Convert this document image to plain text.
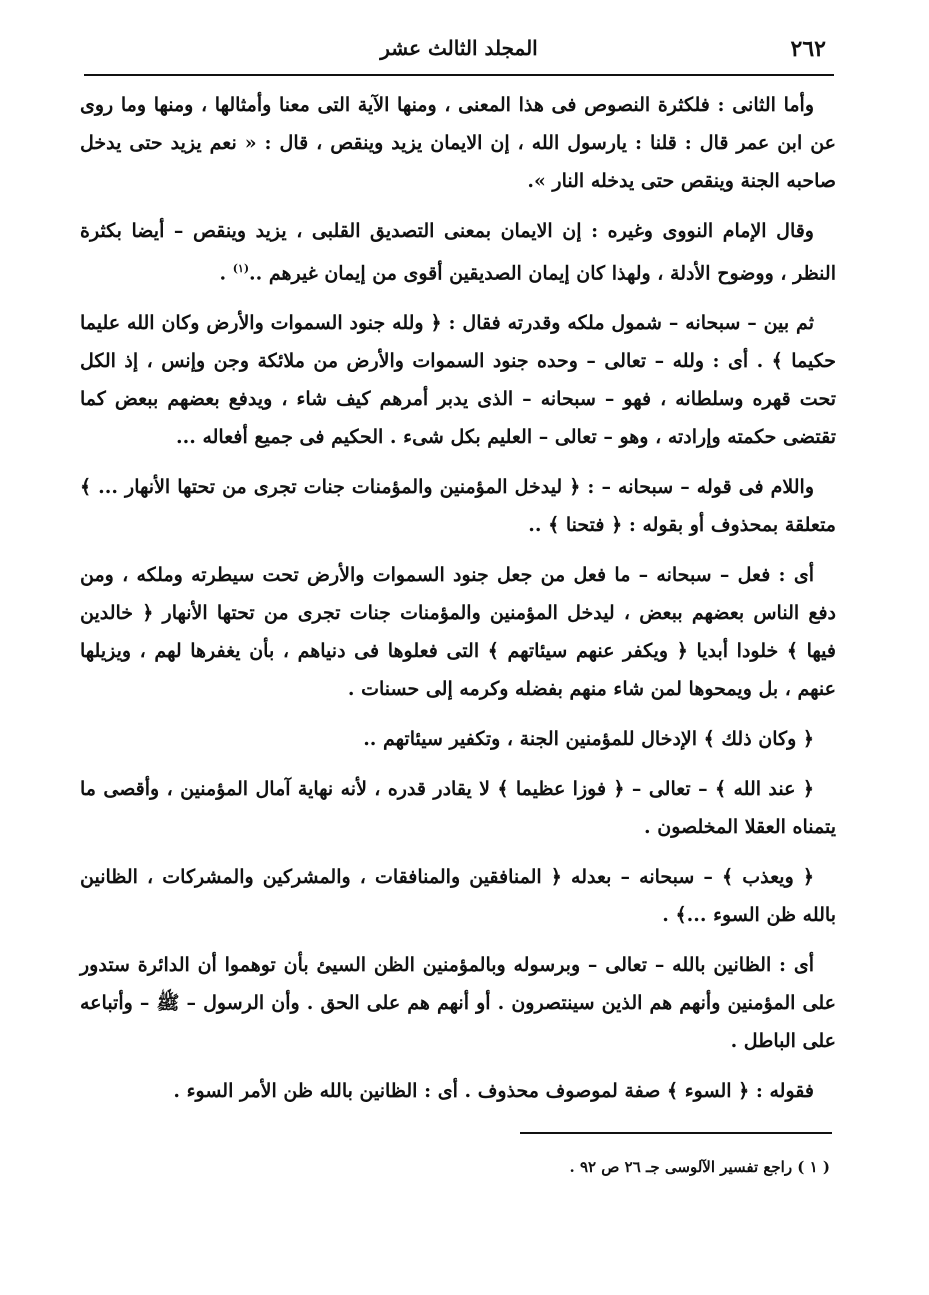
٢٦٢
المجلد الثالث عشر

وأما الثانى : فلكثرة النصوص فى هذا المعنى ، ومنها الآية التى معنا وأمثالها ، ومنها وما روى عن ابن عمر قال : قلنا : يارسول الله ، إن الايمان يزيد وينقص ، قال : « نعم يزيد حتى يدخل صاحبه الجنة وينقص حتى يدخله النار ».

وقال الإمام النووى وغيره : إن الايمان بمعنى التصديق القلبى ، يزيد وينقص – أيضا بكثرة النظر ، ووضوح الأدلة ، ولهذا كان إيمان الصديقين أقوى من إيمان غيرهم ..$^{(١)}$ .

ثم بين – سبحانه – شمول ملكه وقدرته فقال : ﴿ ولله جنود السموات والأرض وكان الله عليما حكيما ﴾ . أى : ولله – تعالى – وحده جنود السموات والأرض من ملائكة وجن وإنس ، إذ الكل تحت قهره وسلطانه ، فهو – سبحانه – الذى يدبر أمرهم كيف شاء ، ويدفع بعضهم ببعض كما تقتضى حكمته وإرادته ، وهو – تعالى – العليم بكل شىء . الحكيم فى جميع أفعاله ...

واللام فى قوله – سبحانه – : ﴿ ليدخل المؤمنين والمؤمنات جنات تجرى من تحتها الأنهار ... ﴾ متعلقة بمحذوف أو بقوله : ﴿ فتحنا ﴾ ..

أى : فعل – سبحانه – ما فعل من جعل جنود السموات والأرض تحت سيطرته وملكه ، ومن دفع الناس بعضهم ببعض ، ليدخل المؤمنين والمؤمنات جنات تجرى من تحتها الأنهار ﴿ خالدين فيها ﴾ خلودا أبديا ﴿ ويكفر عنهم سيئاتهم ﴾ التى فعلوها فى دنياهم ، بأن يغفرها لهم ، ويزيلها عنهم ، بل ويمحوها لمن شاء منهم بفضله وكرمه إلى حسنات .

﴿ وكان ذلك ﴾ الإدخال للمؤمنين الجنة ، وتكفير سيئاتهم ..

﴿ عند الله ﴾ – تعالى – ﴿ فوزا عظيما ﴾ لا يقادر قدره ، لأنه نهاية آمال المؤمنين ، وأقصى ما يتمناه العقلا المخلصون .

﴿ ويعذب ﴾ – سبحانه – بعدله ﴿ المنافقين والمنافقات ، والمشركين والمشركات ، الظانين بالله ظن السوء ...﴾ .

أى : الظانين بالله – تعالى – وبرسوله وبالمؤمنين الظن السيئ بأن توهموا أن الدائرة ستدور على المؤمنين وأنهم هم الذين سينتصرون . أو أنهم هم على الحق . وأن الرسول – ﷺ – وأتباعه على الباطل .

فقوله : ﴿ السوء ﴾ صفة لموصوف محذوف . أى : الظانين بالله ظن الأمر السوء .

( ١ ) راجع تفسير الآلوسى جـ ٢٦ ص ٩٢ .
